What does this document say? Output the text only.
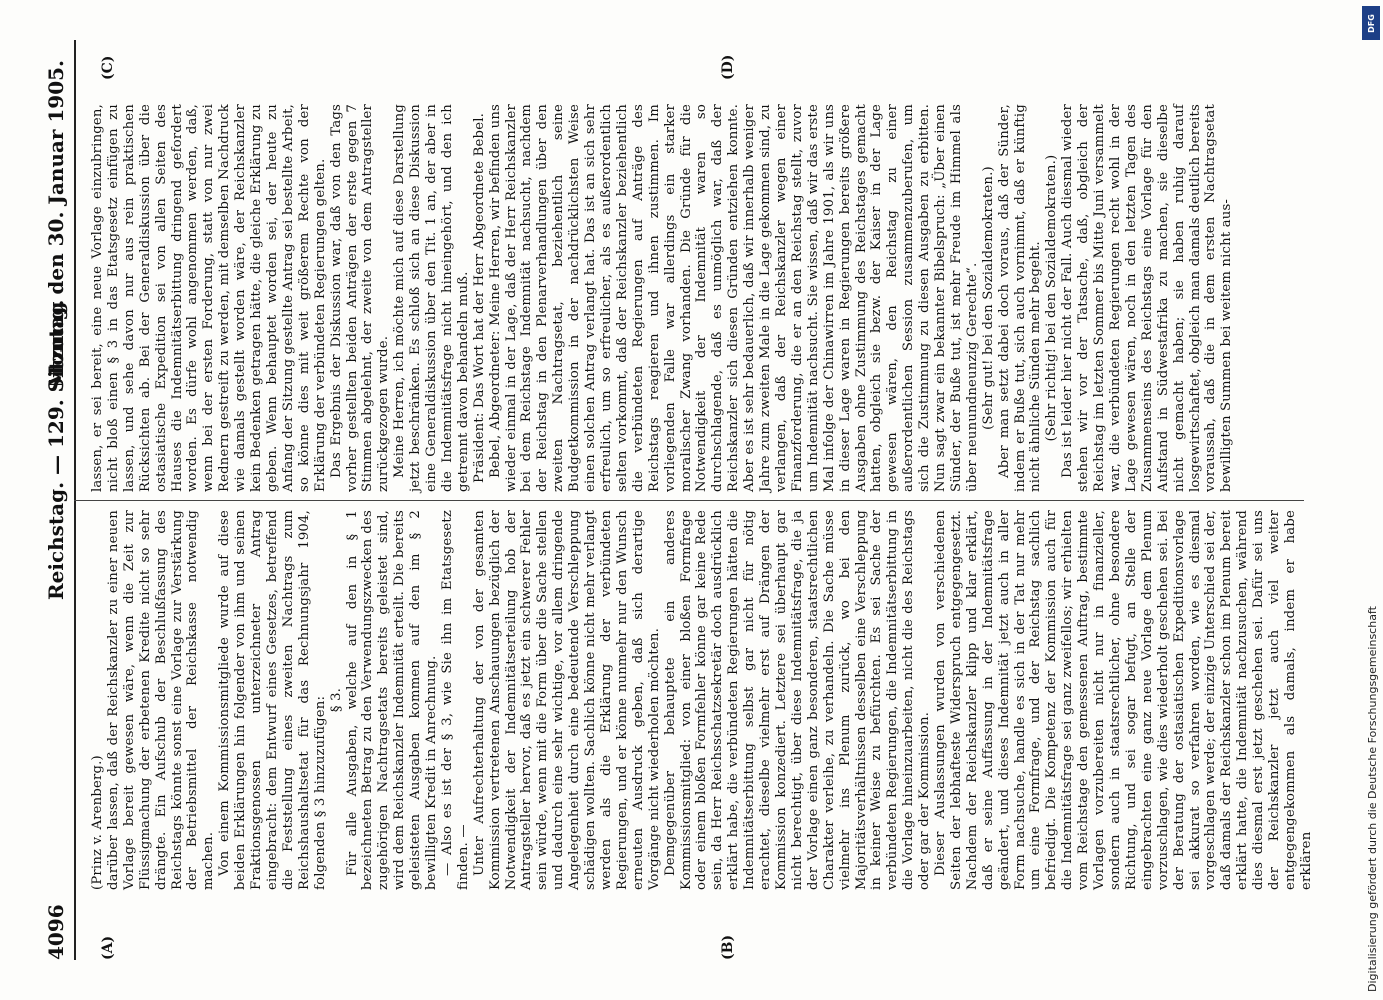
4096
Reichstag. — 129. Sitzung.
Montag den 30. Januar 1905.
(A)	(B)
(C)	(D)

(Prinz v. Arenberg.) darüber lassen, daß der Reichskanzler zu einer neuen Vorlage bereit gewesen wäre, wenn die Zeit zur Flüssigmachung der erbetenen Kredite nicht so sehr drängte. Ein Aufschub der Beschlußfassung des Reichstags könnte sonst eine Vorlage zur Verstärkung der Betriebsmittel der Reichskasse notwendig machen. Von einem Kommissionsmitgliede wurde auf diese beiden Erklärungen hin folgender von ihm und seinen Fraktionsgenossen unterzeichneter Antrag eingebracht: dem Entwurf eines Gesetzes, betreffend die Feststellung eines zweiten Nachtrags zum Reichshaushaltsetat für das Rechnungsjahr 1904, folgenden § 3 hinzuzufügen: § 3. Für alle Ausgaben, welche auf den in § 1 bezeichneten Betrag zu den Verwendungszwecken des zugehörigen Nachtragsetats bereits geleistet sind, wird dem Reichskanzler Indemnität erteilt. Die bereits geleisteten Ausgaben kommen auf den im § 2 bewilligten Kredit in Anrechnung. — Also es ist der § 3, wie Sie ihn im Etatsgesetz finden. — Unter Aufrechterhaltung der von der gesamten Kommission vertretenen Anschauungen bezüglich der Notwendigkeit der Indemnitätserteilung hob der Antragsteller hervor, daß es jetzt ein schwerer Fehler sein würde, wenn mit die Form über die Sache stellen und dadurch eine sehr wichtige, vor allem dringende Angelegenheit durch eine bedeutende Verschleppung schädigen wollten. Sachlich könne nicht mehr verlangt werden als die Erklärung der verbündeten Regierungen, und er könne nunmehr nur den Wunsch erneuten Ausdruck geben, daß sich derartige Vorgänge nicht wiederholen möchten. Demgegenüber behauptete ein anderes Kommissionsmitglied: von einer bloßen Formfrage oder einem bloßen Formfehler könne gar keine Rede sein, da Herr Reichsschatzsekretär doch ausdrücklich erklärt habe, die verbündeten Regierungen hätten die Indemnitätserbittung selbst gar nicht für nötig erachtet, dieselbe vielmehr erst auf Drängen der Kommission konzediert. Letztere sei überhaupt gar nicht berechtigt, über diese Indemnitätsfrage, die ja der Vorlage einen ganz besonderen, staatsrechtlichen Charakter verleihe, zu verhandeln. Die Sache müsse vielmehr ins Plenum zurück, wo bei den Majoritätsverhältnissen desselben eine Verschleppung in keiner Weise zu befürchten. Es sei Sache der verbündeten Regierungen, die Indemnitätserbittung in die Vorlage hineinzuarbeiten, nicht die des Reichstags oder gar der Kommission. Dieser Auslassungen wurden von verschiedenen Seiten der lebhafteste Widerspruch entgegengesetzt. Nachdem der Reichskanzler klipp und klar erklärt, daß er seine Auffassung in der Indemnitätsfrage geändert, und dieses Indemnität jetzt auch in aller Form nachsuche, handle es sich in der Tat nur mehr um eine Formfrage, und der Reichstag sachlich befriedigt. Die Kompetenz der Kommission auch für die Indemnitätsfrage sei ganz zweifellos; wir erhielten vom Reichstage den gemessenen Auftrag, bestimmte Vorlagen vorzubereiten nicht nur in finanzieller, sondern auch in staatsrechtlicher, ohne besondere Richtung, und sei sogar befugt, an Stelle der eingebrachten eine ganz neue Vorlage dem Plenum vorzuschlagen, wie dies wiederholt geschehen sei. Bei der Beratung der ostasiatischen Expeditionsvorlage sei akkurat so verfahren worden, wie es diesmal vorgeschlagen werde; der einzige Unterschied sei der, daß damals der Reichskanzler schon im Plenum bereit erklärt hatte, die Indemnität nachzusuchen, während dies diesmal erst jetzt geschehen sei. Dafür sei uns der Reichskanzler jetzt auch viel weiter entgegengekommen als damals, indem er habe erklären

lassen, er sei bereit, eine neue Vorlage einzubringen, nicht bloß einen § 3 in das Etatsgesetz einfügen zu lassen, und sehe davon nur aus rein praktischen Rücksichten ab. Bei der Generaldiskussion über die ostasiatische Expedition sei von allen Seiten des Hauses die Indemnitätserbittung dringend gefordert worden. Es dürfe wohl angenommen werden, daß, wenn bei der ersten Forderung, statt von nur zwei Rednern gestreift zu werden, mit demselben Nachdruck wie damals gestellt worden wäre, der Reichskanzler kein Bedenken getragen hätte, die gleiche Erklärung zu geben. Wenn behauptet worden sei, der heute zu Anfang der Sitzung gestellte Antrag sei bestellte Arbeit, so könne dies mit weit größerem Rechte von der Erklärung der verbündeten Regierungen gelten. Das Ergebnis der Diskussion war, daß von den Tags vorher gestellten beiden Anträgen der erste gegen 7 Stimmen abgelehnt, der zweite von dem Antragsteller zurückgezogen wurde. Meine Herren, ich möchte mich auf diese Darstellung jetzt beschränken. Es schloß sich an diese Diskussion eine Generaldiskussion über den Tit. 1 an, der aber in die Indemnitätsfrage nicht hineingehört, und den ich getrennt davon behandeln muß. Präsident: Das Wort hat der Herr Abgeordnete Bebel. Bebel, Abgeordneter: Meine Herren, wir befinden uns wieder einmal in der Lage, daß der Herr Reichskanzler bei dem Reichstage Indemnität nachsucht, nachdem der Reichstag in den Plenarverhandlungen über den zweiten Nachtragsetat, beziehentlich seine Budgetkommission in der nachdrücklichsten Weise einen solchen Antrag verlangt hat. Das ist an sich sehr erfreulich, um so erfreulicher, als es außerordentlich selten vorkommt, daß der Reichskanzler beziehentlich die verbündeten Regierungen auf Anträge des Reichstags reagieren und ihnen zustimmen. Im vorliegenden Falle war allerdings ein starker moralischer Zwang vorhanden. Die Gründe für die Notwendigkeit der Indemnität waren so durchschlagende, daß es unmöglich war, daß der Reichskanzler sich diesen Gründen entziehen konnte. Aber es ist sehr bedauerlich, daß wir innerhalb weniger Jahre zum zweiten Male in die Lage gekommen sind, zu verlangen, daß der Reichskanzler wegen einer Finanzforderung, die er an den Reichstag stellt, zuvor um Indemnität nachsucht. Sie wissen, daß wir das erste Mal infolge der Chinawirren im Jahre 1901, als wir uns in dieser Lage waren in Regierungen bereits größere Ausgaben ohne Zustimmung des Reichstages gemacht hatten, obgleich sie bezw. der Kaiser in der Lage gewesen wären, den Reichstag zu einer außerordentlichen Session zusammenzuberufen, um sich die Zustimmung zu diesen Ausgaben zu erbitten. Nun sagt zwar ein bekannter Bibelspruch: „Über einen Sünder, der Buße tut, ist mehr Freude im Himmel als über neunundneunzig Gerechte“. (Sehr gut! bei den Sozialdemokraten.) Aber man setzt dabei doch voraus, daß der Sünder, indem er Buße tut, sich auch vornimmt, daß er künftig nicht ähnliche Sünden mehr begeht. (Sehr richtig! bei den Sozialdemokraten.) Das ist leider hier nicht der Fall. Auch diesmal wieder stehen wir vor der Tatsache, daß, obgleich der Reichstag im letzten Sommer bis Mitte Juni versammelt war, die verbündeten Regierungen recht wohl in der Lage gewesen wären, noch in den letzten Tagen des Zusammenseins des Reichstags eine Vorlage für den Aufstand in Südwestafrika zu machen, sie dieselbe nicht gemacht haben; sie haben ruhig darauf losgewirtschaftet, obgleich man damals deutlich bereits voraussah, daß die in dem ersten Nachtragsetat bewilligten Summen bei weitem nicht aus-

Digitalisierung gefördert durch die Deutsche Forschungsgemeinschaft
DFG
